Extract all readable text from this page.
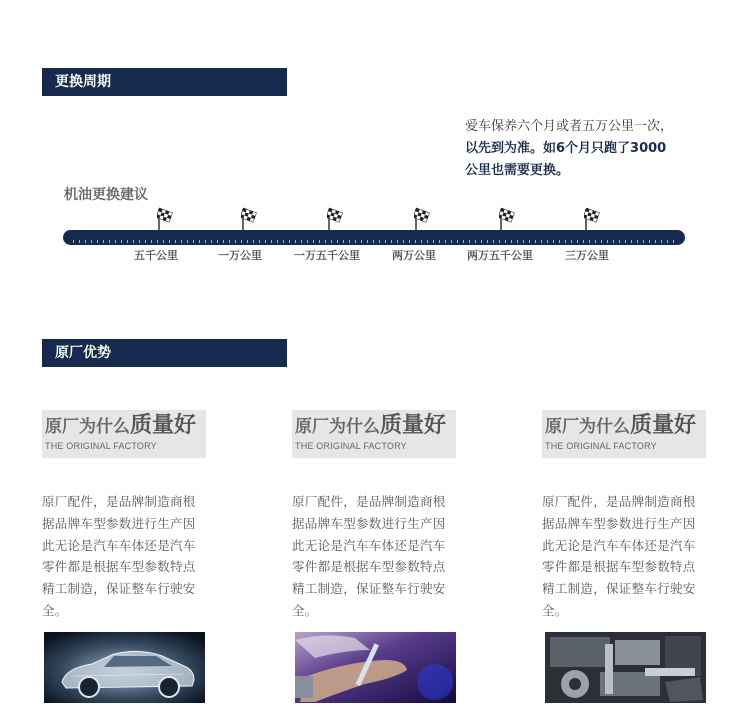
更换周期
爱车保养六个月或者五万公里一次，
以先到为准。如6个月只跑了3000
公里也需要更换。
机油更换建议
五千公里	一万公里	一万五千公里	两万公里	两万五千公里	三万公里
原厂优势
原厂为什么质量好
THE ORIGINAL FACTORY
原厂配件，是品牌制造商根
据品牌车型参数进行生产因
此无论是汽车车体还是汽车
零件都是根据车型参数特点
精工制造，保证整车行驶安全。
原厂为什么质量好
THE ORIGINAL FACTORY
原厂配件，是品牌制造商根
据品牌车型参数进行生产因
此无论是汽车车体还是汽车
零件都是根据车型参数特点
精工制造，保证整车行驶安全。
原厂为什么质量好
THE ORIGINAL FACTORY
原厂配件，是品牌制造商根
据品牌车型参数进行生产因
此无论是汽车车体还是汽车
零件都是根据车型参数特点
精工制造，保证整车行驶安全。
